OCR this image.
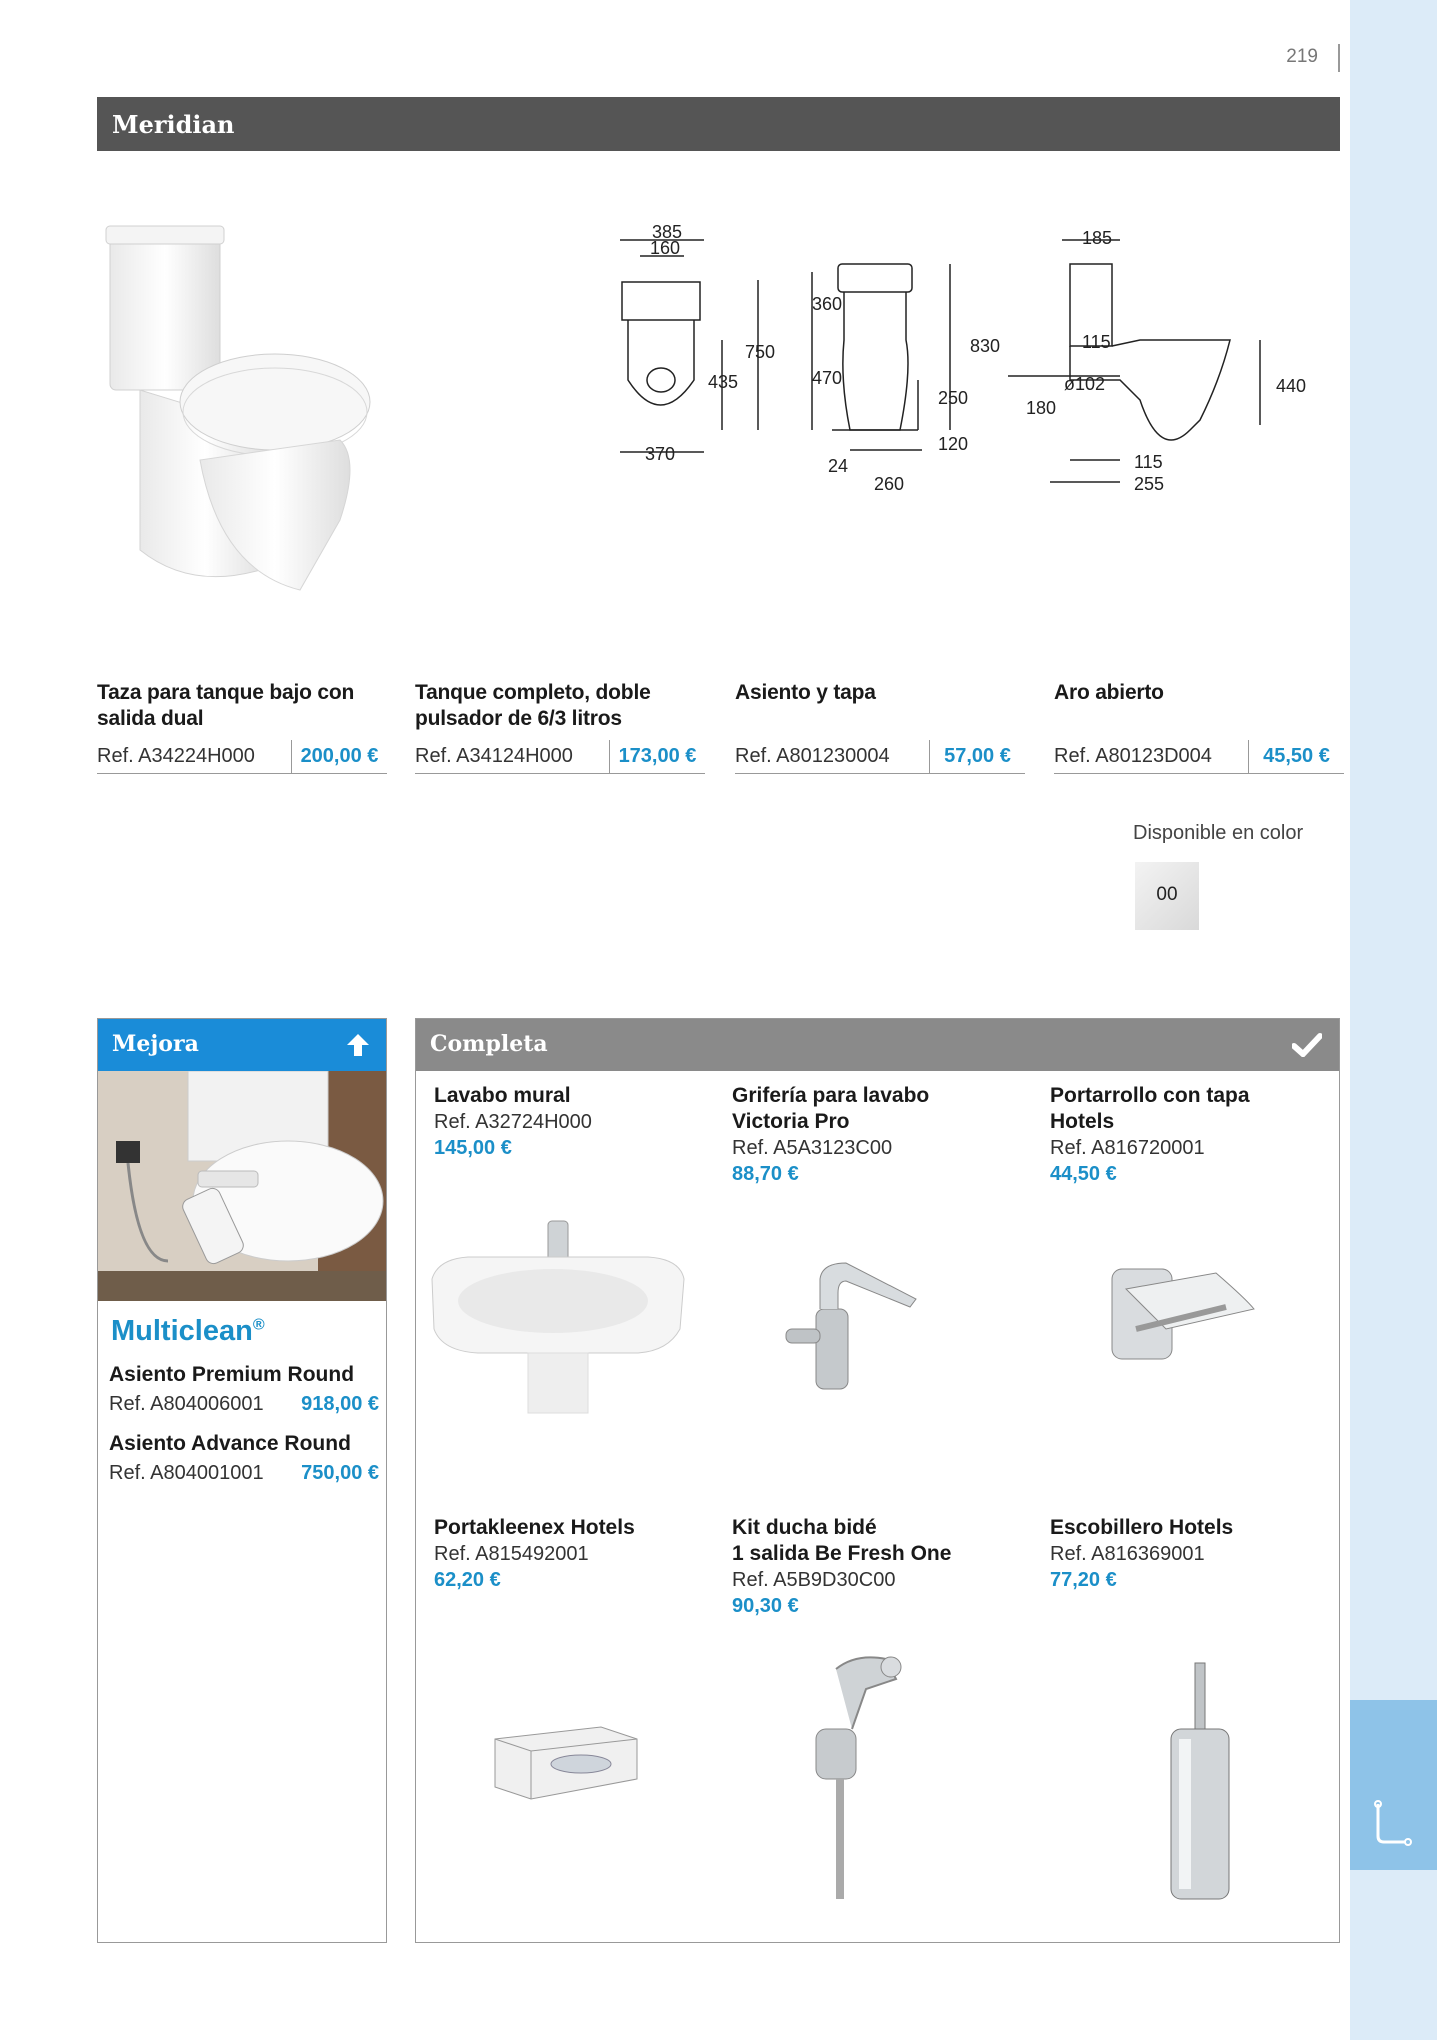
219
Meridian
385
160
750
435
370
360
470
830
250
24
260
120
185
115
ø102
180
115
255
440
Taza para tanque bajo con salida dual
Ref. A34224H000	200,00 €
Tanque completo, doble pulsador de 6/3 litros
Ref. A34124H000	173,00 €
Asiento y tapa
Ref. A801230004	57,00 €
Aro abierto
Ref. A80123D004	45,50 €
Disponible en color
00
Mejora
Multiclean®
Asiento Premium Round
Ref. A804006001 918,00 €
Asiento Advance Round
Ref. A804001001 750,00 €
Completa
Lavabo mural
Ref. A32724H000
145,00 €
Grifería para lavabo
Victoria Pro
Ref. A5A3123C00
88,70 €
Portarrollo con tapa
Hotels
Ref. A816720001
44,50 €
Portakleenex Hotels
Ref. A815492001
62,20 €
Kit ducha bidé
1 salida Be Fresh One
Ref. A5B9D30C00
90,30 €
Escobillero Hotels
Ref. A816369001
77,20 €
